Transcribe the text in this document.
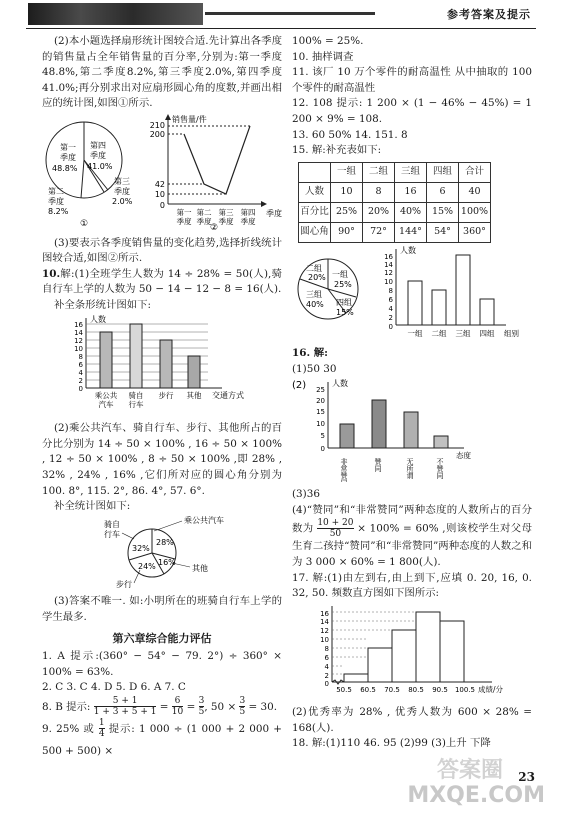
参考答案及提示

(2)本小题选择扇形统计图较合适.先计算出各季度的销售量占全年销售量的百分率,分别为:第一季度48.8%,第二季度8.2%,第三季度2.0%,第四季度41.0%;再分别求出对应扇形圆心角的度数,并画出相应的统计图,如图①所示.

第一
季度
48.8%
第四
季度
41.0%
第二
季度
8.2%
第三
季度
2.0%
①
销售量/件
210
200
42
10
0
第一 第二 第三 第四
季度 季度 季度 季度
季度
②

(3)要表示各季度销售量的变化趋势,选择折线统计图较合适,如图②所示.

10.解:(1)全班学生人数为 14 ÷ 28% = 50(人),骑自行车上学的人数为 50 − 14 − 12 − 8 = 16(人).

补全条形统计图如下:

人数
16
14
12
10
8
6
4
2
0
乘公共
汽车
骑自
行车
步行 其他 交通方式

(2)乘公共汽车、骑自行车、步行、其他所占的百分比分别为 14 ÷ 50 × 100% , 16 ÷ 50 × 100% , 12 ÷ 50 × 100% , 8 ÷ 50 × 100% ,即 28% , 32% , 24% , 16% ,它们所对应的圆心角分别为 100. 8°, 115. 2°, 86. 4°, 57. 6°.

补全统计图如下:

骑自
行车
乘公共汽车
步行
其他
32%
28%
24% 16%

(3)答案不唯一. 如:小明所在的班骑自行车上学的学生最多.

第六章综合能力评估

1. A 提示:(360° − 54° − 79. 2°) ÷ 360° × 100% = 63%.

2. C 3. C 4. D 5. D 6. A 7. C

8. B 提示: $\frac{5 + 1}{1 + 3 + 5 + 1} = \frac{6}{10} = \frac{3}{5}$ , $50 \times \frac{3}{5} = 30$.

9. 25% 或 $\frac{1}{4}$ 提示: 1 000 ÷ (1 000 + 2 000 + 500 + 500) ×

100% = 25%.

10. 抽样调查

11. 该厂 10 万个零件的耐高温性 从中抽取的 100 个零件的耐高温性

12. 108 提示: 1 200 × (1 − 46% − 45%) = 1 200 × 9% = 108.

13. 60 50% 14. 151. 8

15. 解:补充表如下:

	一组	二组	三组	四组	合计
人数	10	8	16	6	40
百分比	25%	20%	40%	15%	100%
圆心角	90°	72°	144°	54°	360°
二组
20% 一组
25%
三组
40% 四组
15%
人数
16
14
12
10
8
6
4
2
0
一组 二组 三组 四组 组别

16. 解:

(1)50 30

(2)	人数
25
20
15
10
5
0
非常赞同	赞同	无所谓	不赞同
态度

(3)36

(4)“赞同”和“非常赞同”两种态度的人数所占的百分数为 $\frac{10 + 20}{50} \times 100\% = 60\%$ ,则该校学生对父母生育二孩持“赞同”和“非常赞同”两种态度的人数之和为 3 000 × 60% = 1 800(人).

17. 解:(1)由左到右,由上到下,应填 0. 20, 16, 0. 32, 50. 频数直方图如下图所示:

16
14
12
10
8
6
4
2
0
50.5 60.5 70.5 80.5 90.5 100.5 成绩/分

(2)优秀率为 28% , 优秀人数为 600 × 28% = 168(人).

18. 解:(1)110 46. 95 (2)99 (3)上升 下降

答案圈
MXQE.COM
23
